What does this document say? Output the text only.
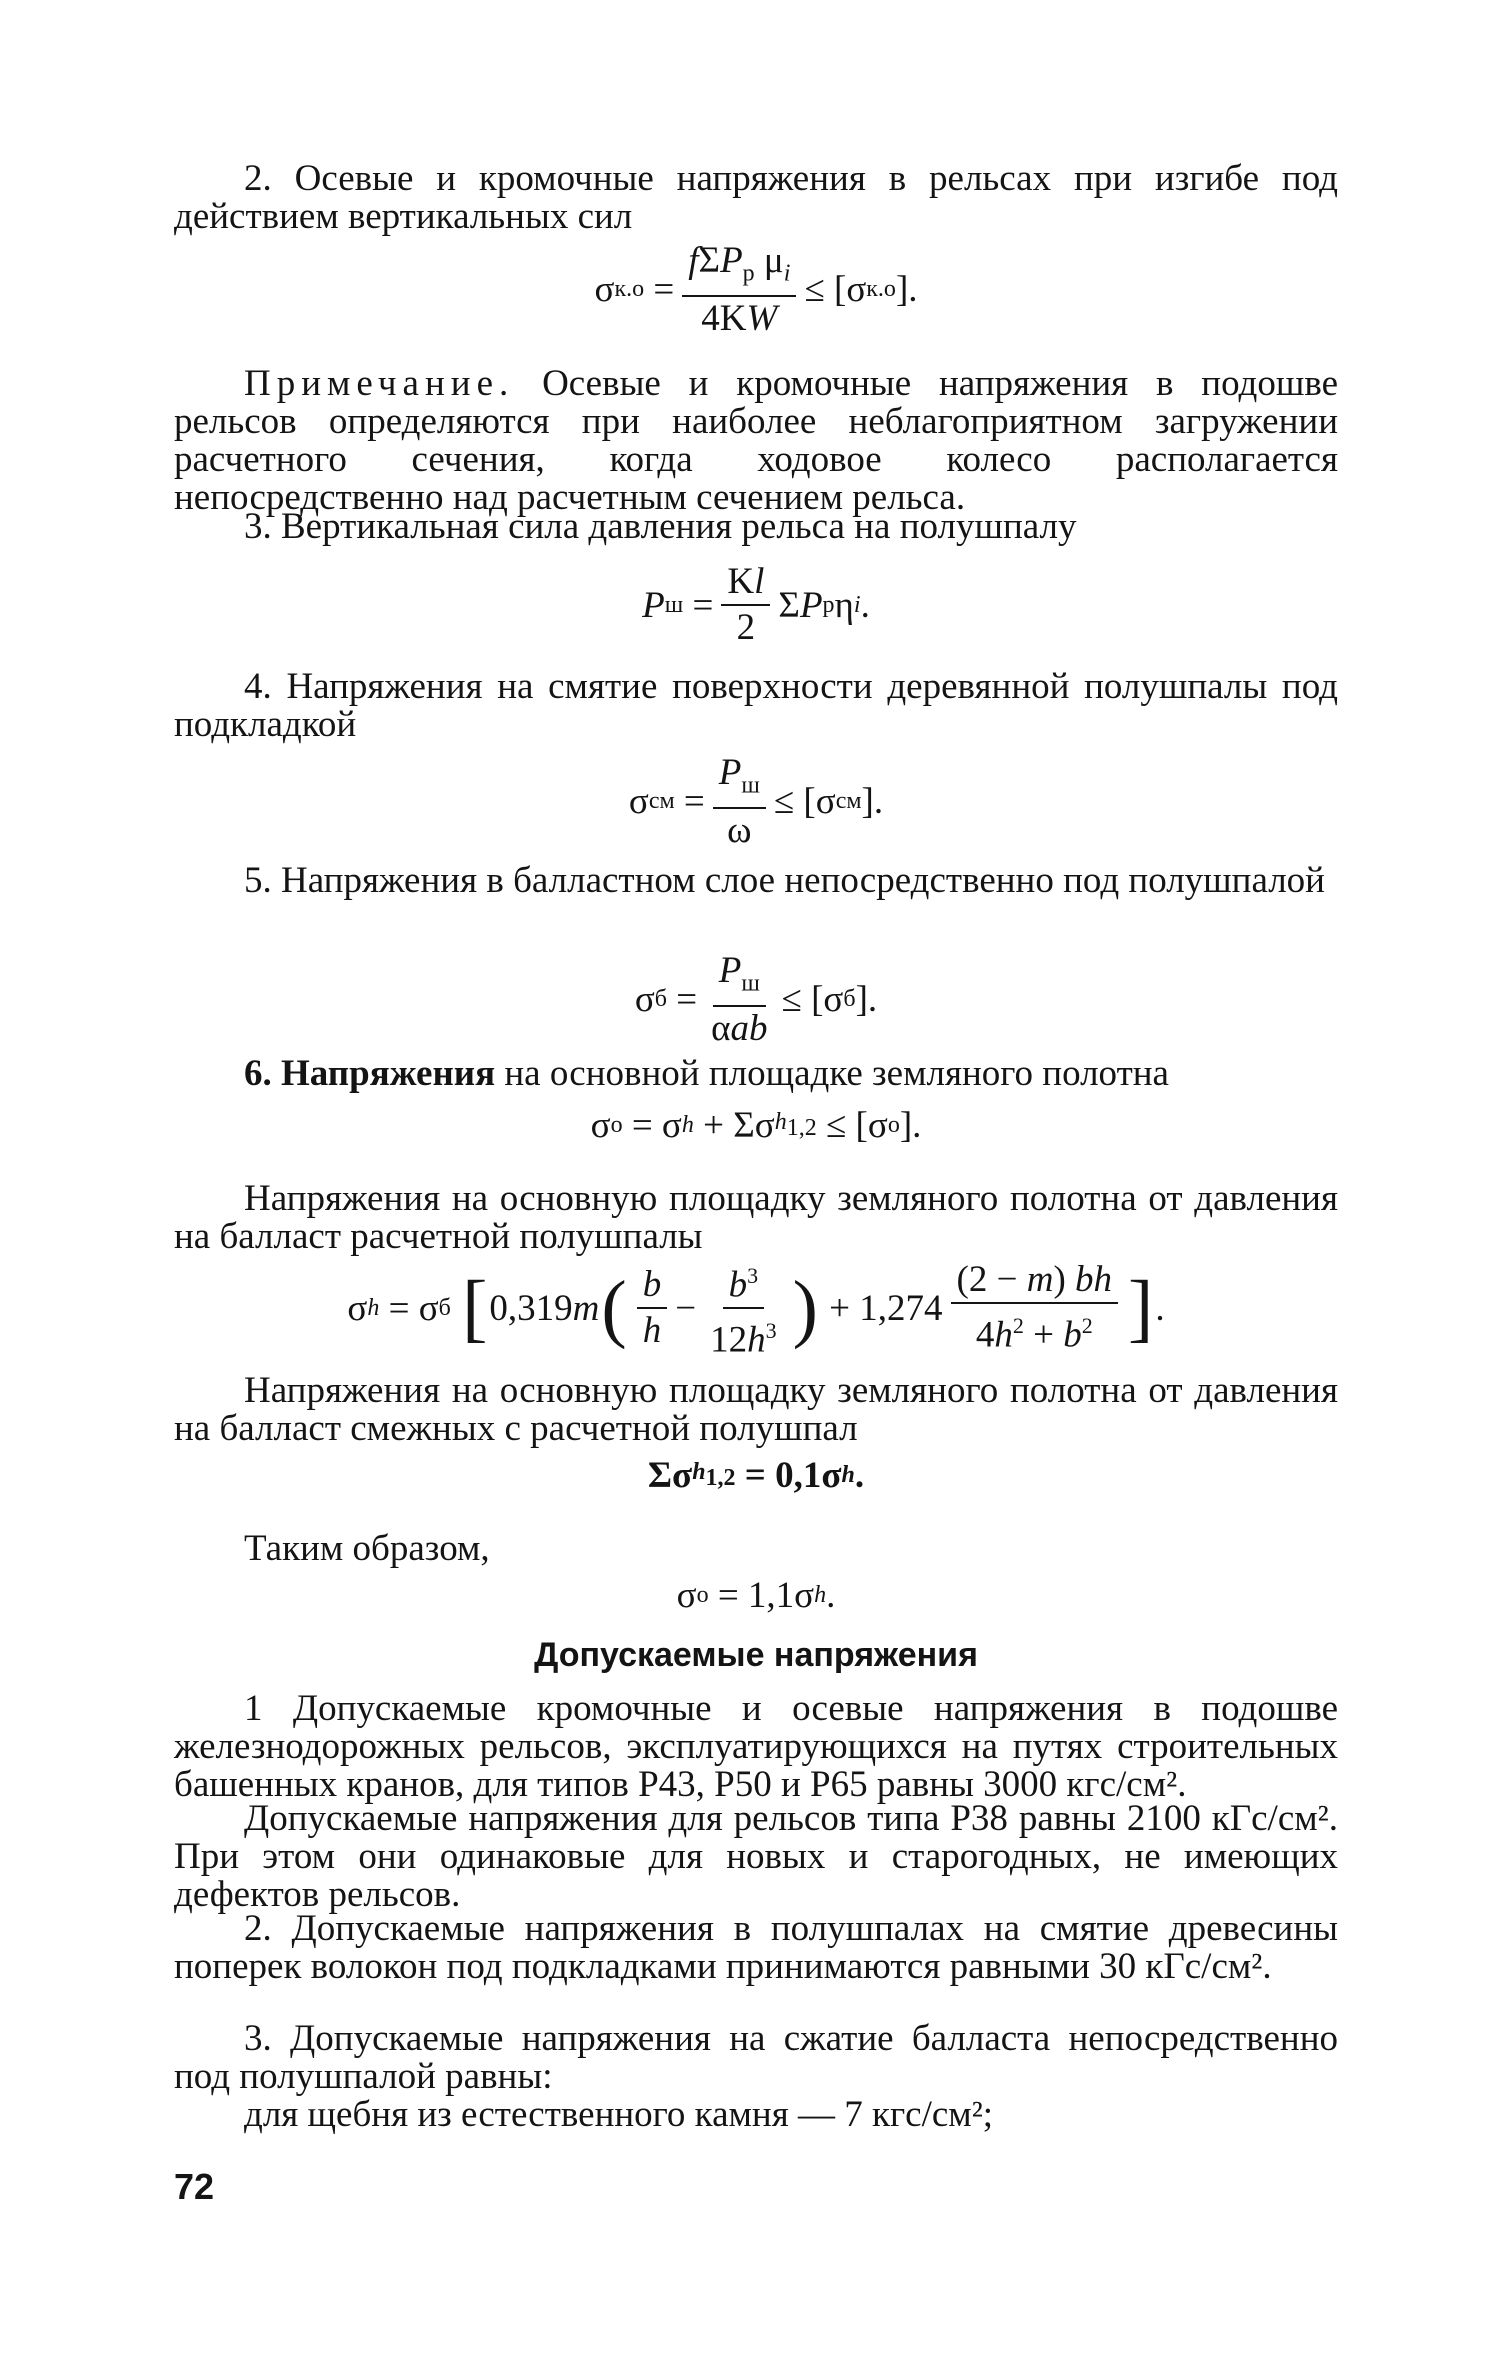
2. Осевые и кромочные напряжения в рельсах при изгибе под действием вертикальных сил

σ $к.о = \frac{f\Sigma P_р \mu_i}{4KW} \le [\sigma$ к.о ].

Примечание. Осевые и кромочные напряжения в подошве рельсов определяются при наиболее неблагоприятном загружении расчетного сечения, когда ходовое колесо располагается непосредственно над расчетным сечением рельса.

3. Вертикальная сила давления рельса на полушпалу

P $ш = \frac{Kl}{2}$ Σ P р η i .

4. Напряжения на смятие поверхности деревянной полушпалы под подкладкой

σ см = $\frac{P_ш}{\omega} \le [\sigma$ см ].

5. Напряжения в балластном слое непосредственно под полушпалой

σ $б = \frac{P_ш}{\text{αab}} \le [\sigma$ б ].

6. Напряжения на основной площадке земляного полотна

σ о = σ h + Σσ $h_{1,2} \le [\sigma$ о ].

Напряжения на основную площадку земляного полотна от давления на балласт расчетной полушпалы

σ h = σ б
[ 0,319 m ( $\frac{b}{h} - \frac{b^3}{12h^3}$ ) + $1,274 \frac{(2 - m) bh}{4h^2 + b^2}$ ] .

Напряжения на основную площадку земляного полотна от давления на балласт смежных с расчетной полушпал

Σσ $h_{1,2} = 0,1\sigma$ h .

Таким образом,

σ о = 1,1σ h .
Допускаемые напряжения

1 Допускаемые кромочные и осевые напряжения в подошве железнодорожных рельсов, эксплуатирующихся на путях строительных башенных кранов, для типов Р43, Р50 и Р65 равны 3000 кгс/см².

Допускаемые напряжения для рельсов типа Р38 равны 2100 кГс/см². При этом они одинаковые для новых и старогодных, не имеющих дефектов рельсов.

2. Допускаемые напряжения в полушпалах на смятие древесины поперек волокон под подкладками принимаются равными 30 кГс/см².

3. Допускаемые напряжения на сжатие балласта непосредственно под полушпалой равны:

для щебня из естественного камня — 7 кгс/см²;

72
